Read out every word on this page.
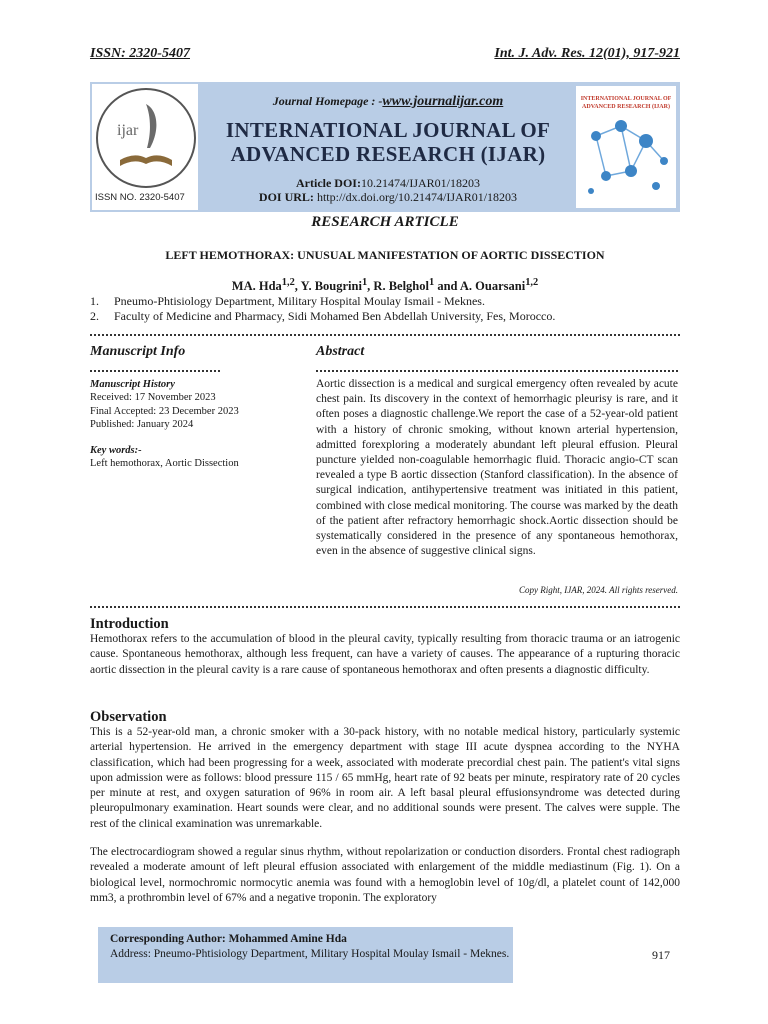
ISSN: 2320-5407	Int. J. Adv. Res. 12(01), 917-921
ijar
ISSN NO. 2320-5407
Journal Homepage : -www.journalijar.com
INTERNATIONAL JOURNAL OF
ADVANCED RESEARCH (IJAR)
Article DOI:10.21474/IJAR01/18203
DOI URL: http://dx.doi.org/10.21474/IJAR01/18203
INTERNATIONAL JOURNAL OF
ADVANCED RESEARCH (IJAR)
RESEARCH ARTICLE
LEFT HEMOTHORAX: UNUSUAL MANIFESTATION OF AORTIC DISSECTION
MA. Hda$^{1,2}$, Y. Bougrini$^1$, R. Belghol$^1$ and A. Ouarsani$^{1,2}$
1.	Pneumo-Phtisiology Department, Military Hospital Moulay Ismail - Meknes.
2.	Faculty of Medicine and Pharmacy, Sidi Mohamed Ben Abdellah University, Fes, Morocco.
Manuscript Info	Abstract
Manuscript History
Received: 17 November 2023
Final Accepted: 23 December 2023
Published: January 2024
Key words:-
Left hemothorax, Aortic Dissection
Aortic dissection is a medical and surgical emergency often revealed by acute chest pain. Its discovery in the context of hemorrhagic pleurisy is rare, and it often poses a diagnostic challenge.We report the case of a 52-year-old patient with a history of chronic smoking, without known arterial hypertension, admitted forexploring a moderately abundant left pleural effusion. Pleural puncture yielded non-coagulable hemorrhagic fluid. Thoracic angio-CT scan revealed a type B aortic dissection (Stanford classification). In the absence of surgical indication, antihypertensive treatment was initiated in this patient, combined with close medical monitoring. The course was marked by the death of the patient after refractory hemorrhagic shock.Aortic dissection should be systematically considered in the presence of any spontaneous hemothorax, even in the absence of suggestive clinical signs.
Copy Right, IJAR, 2024. All rights reserved.
Introduction
Hemothorax refers to the accumulation of blood in the pleural cavity, typically resulting from thoracic trauma or an iatrogenic cause. Spontaneous hemothorax, although less frequent, can have a variety of causes. The appearance of a rupturing thoracic aortic dissection in the pleural cavity is a rare cause of spontaneous hemothorax and often presents a diagnostic difficulty.
Observation
This is a 52-year-old man, a chronic smoker with a 30-pack history, with no notable medical history, particularly systemic arterial hypertension. He arrived in the emergency department with stage III acute dyspnea according to the NYHA classification, which had been progressing for a week, associated with moderate precordial chest pain. The patient's vital signs upon admission were as follows: blood pressure 115 / 65 mmHg, heart rate of 92 beats per minute, respiratory rate of 20 cycles per minute at rest, and oxygen saturation of 96% in room air. A left basal pleural effusionsyndrome was detected during pleuropulmonary examination. Heart sounds were clear, and no additional sounds were present. The calves were supple. The rest of the clinical examination was unremarkable.
The electrocardiogram showed a regular sinus rhythm, without repolarization or conduction disorders. Frontal chest radiograph revealed a moderate amount of left pleural effusion associated with enlargement of the middle mediastinum (Fig. 1). On a biological level, normochromic normocytic anemia was found with a hemoglobin level of 10g/dl, a platelet count of 142,000 mm3, a prothrombin level of 67% and a negative troponin. The exploratory
Corresponding Author: Mohammed Amine Hda
Address: Pneumo-Phtisiology Department, Military Hospital Moulay Ismail - Meknes.	917
